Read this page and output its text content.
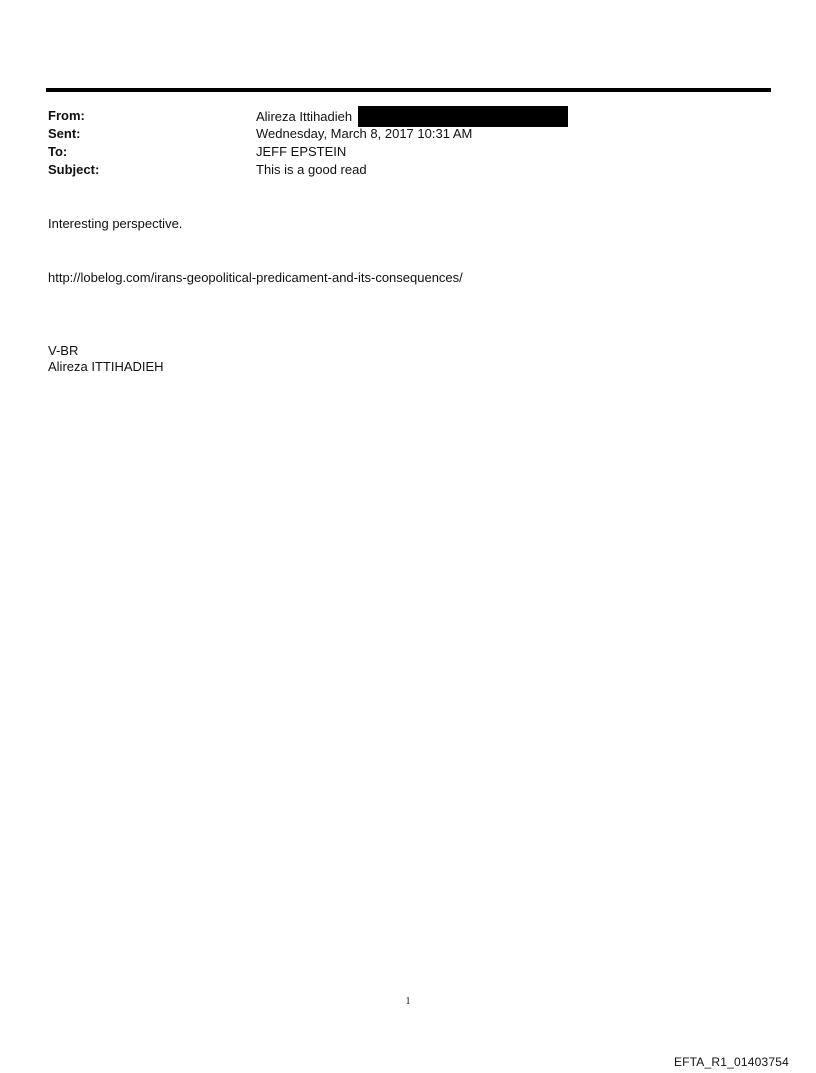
From:	Alireza Ittihadieh
Sent:	Wednesday, March 8, 2017 10:31 AM
To:	JEFF EPSTEIN
Subject:	This is a good read
Interesting perspective.
http://lobelog.com/irans-geopolitical-predicament-and-its-consequences/
V-BR
Alireza ITTIHADIEH
1
EFTA_R1_01403754
